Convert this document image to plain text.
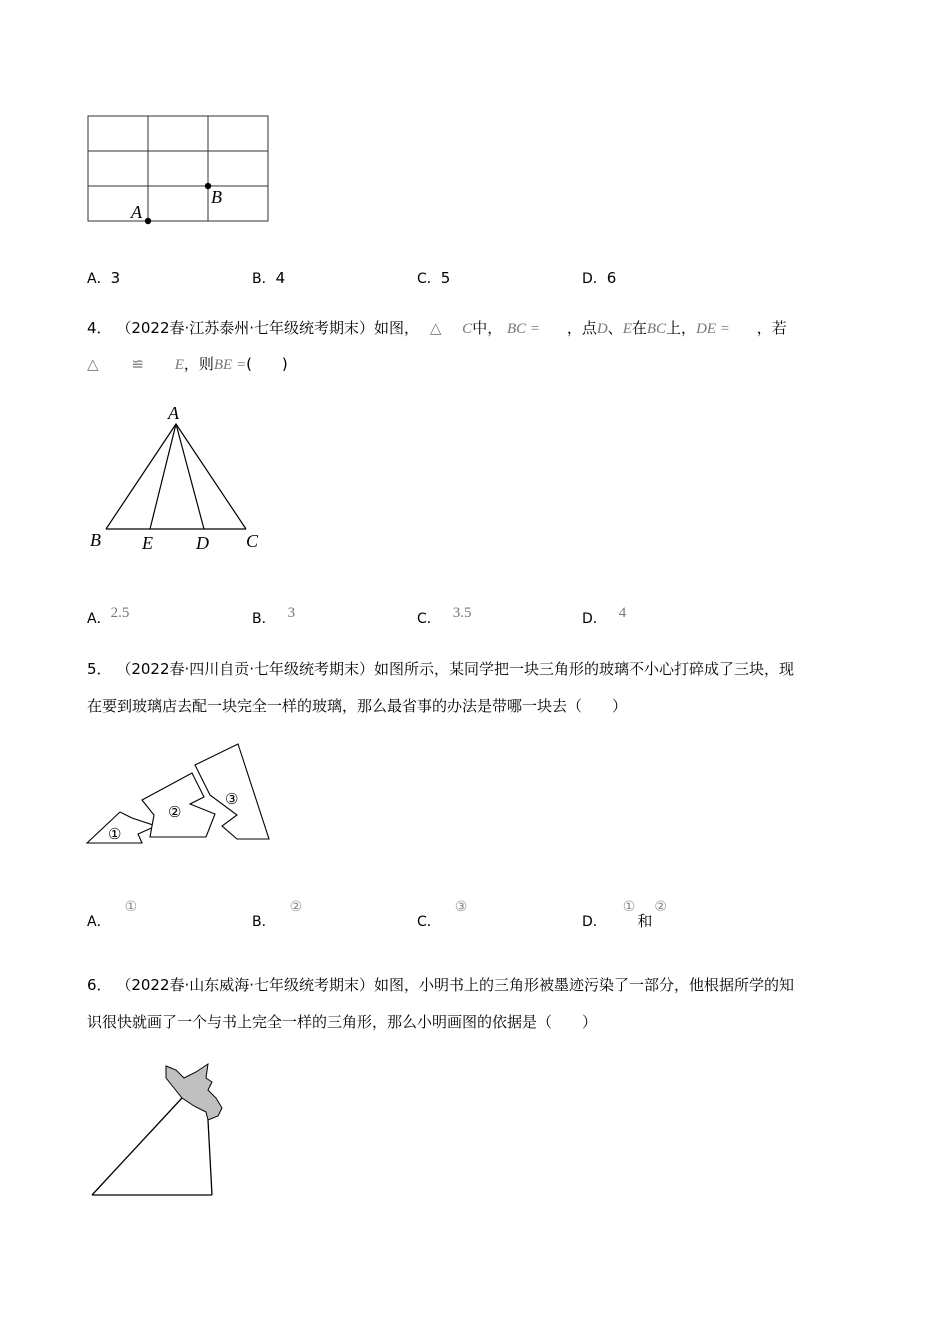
B
A
A．3	B．4	C．5	D．6
4． （2022春·江苏泰州·七年级统考期末）如图， △ C中， BC = ，点D、E在BC上，DE = ，若
△ ≌ E，则BE =(　　)
A
B E D C
A．2.5	B． 3	C． 3.5	D． 4
5． （2022春·四川自贡·七年级统考期末）如图所示，某同学把一块三角形的玻璃不小心打碎成了三块，现
在要到玻璃店去配一块完全一样的玻璃，那么最省事的办法是带哪一块去（　　）
①
②
③
A．①
B．②
C．③
D．①和②
6． （2022春·山东威海·七年级统考期末）如图，小明书上的三角形被墨迹污染了一部分，他根据所学的知
识很快就画了一个与书上完全一样的三角形，那么小明画图的依据是（　　）
